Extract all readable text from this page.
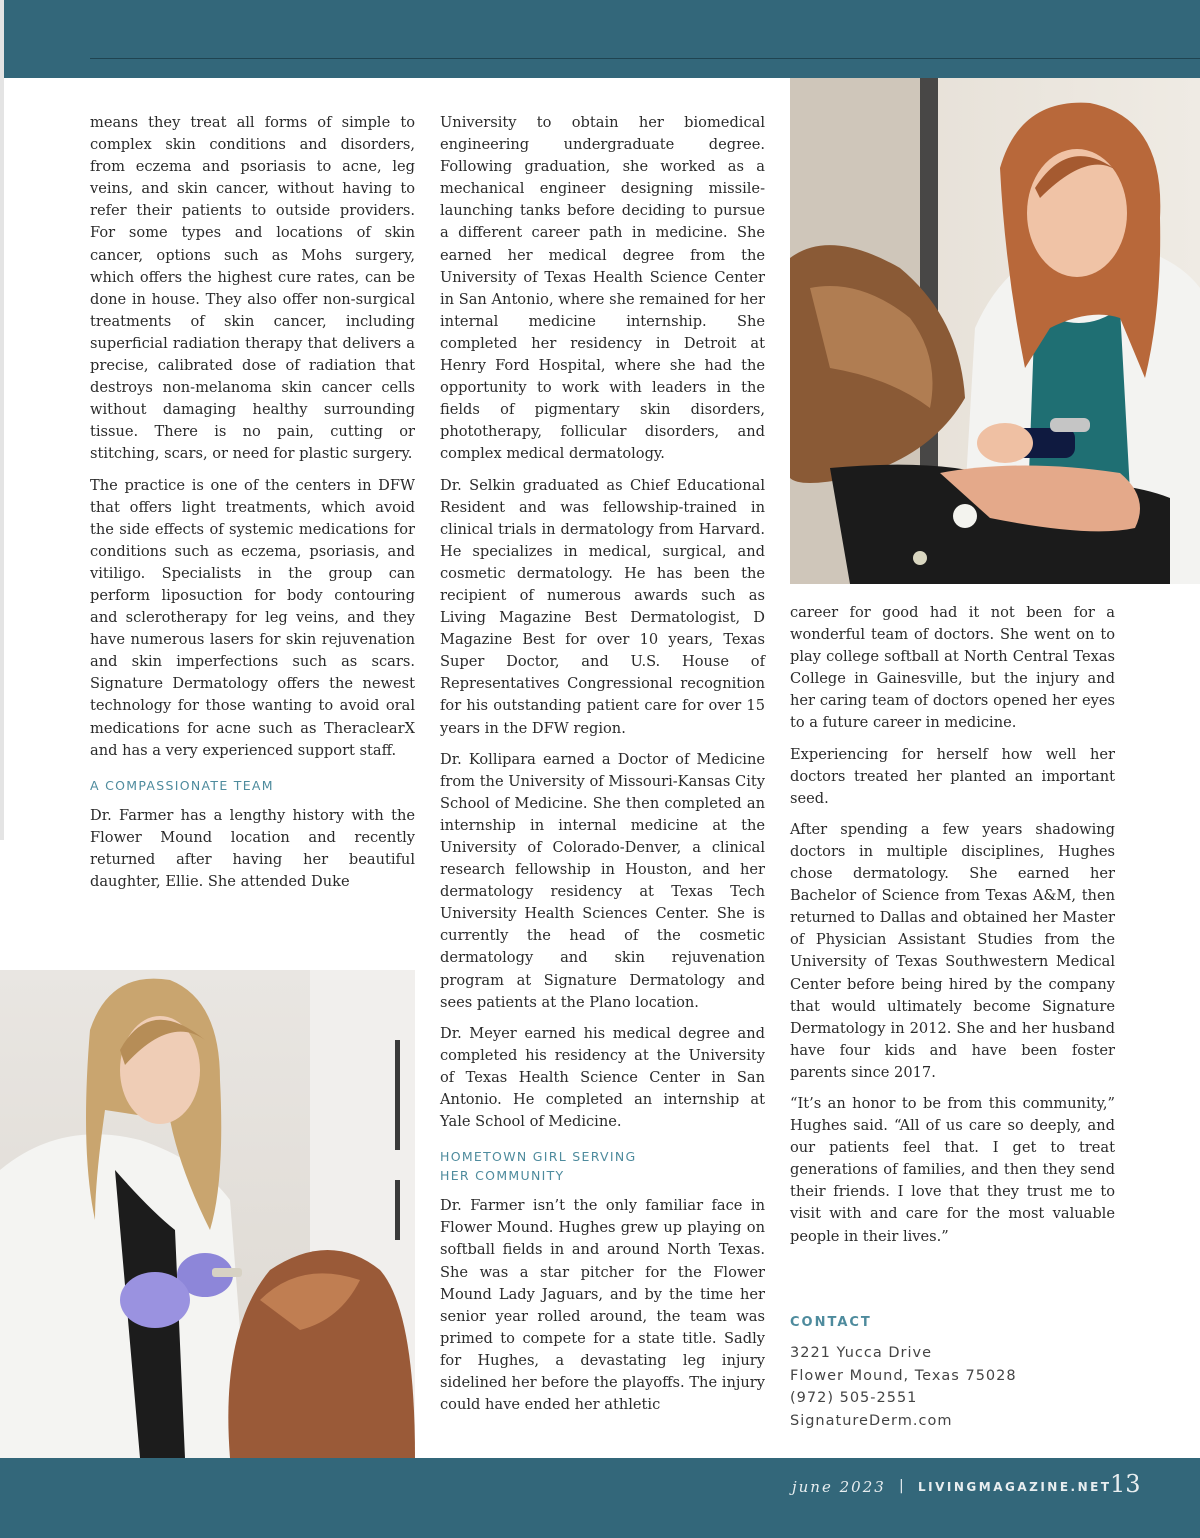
means they treat all forms of simple to complex skin conditions and disorders, from eczema and psoriasis to acne, leg veins, and skin cancer, without having to refer their patients to outside providers. For some types and locations of skin cancer, options such as Mohs surgery, which offers the highest cure rates, can be done in house. They also offer non-surgical treatments of skin cancer, including superficial radiation therapy that delivers a precise, calibrated dose of radiation that destroys non-melanoma skin cancer cells without damaging healthy surrounding tissue. There is no pain, cutting or stitching, scars, or need for plastic surgery.

The practice is one of the centers in DFW that offers light treatments, which avoid the side effects of systemic medications for conditions such as eczema, psoriasis, and vitiligo. Specialists in the group can perform liposuction for body contouring and sclerotherapy for leg veins, and they have numerous lasers for skin rejuvenation and skin imperfections such as scars. Signature Dermatology offers the newest technology for those wanting to avoid oral medications for acne such as TheraclearX and has a very experienced support staff.

A COMPASSIONATE TEAM

Dr. Farmer has a lengthy history with the Flower Mound location and recently returned after having her beautiful daughter, Ellie. She attended Duke

University to obtain her biomedical engineering undergraduate degree. Following graduation, she worked as a mechanical engineer designing missile-launching tanks before deciding to pursue a different career path in medicine. She earned her medical degree from the University of Texas Health Science Center in San Antonio, where she remained for her internal medicine internship. She completed her residency in Detroit at Henry Ford Hospital, where she had the opportunity to work with leaders in the fields of pigmentary skin disorders, phototherapy, follicular disorders, and complex medical dermatology.

Dr. Selkin graduated as Chief Educational Resident and was fellowship-trained in clinical trials in dermatology from Harvard. He specializes in medical, surgical, and cosmetic dermatology. He has been the recipient of numerous awards such as Living Magazine Best Dermatologist, D Magazine Best for over 10 years, Texas Super Doctor, and U.S. House of Representatives Congressional recognition for his outstanding patient care for over 15 years in the DFW region.

Dr. Kollipara earned a Doctor of Medicine from the University of Missouri-Kansas City School of Medicine. She then completed an internship in internal medicine at the University of Colorado-Denver, a clinical research fellowship in Houston, and her dermatology residency at Texas Tech University Health Sciences Center. She is currently the head of the cosmetic dermatology and skin rejuvenation program at Signature Dermatology and sees patients at the Plano location.

Dr. Meyer earned his medical degree and completed his residency at the University of Texas Health Science Center in San Antonio. He completed an internship at Yale School of Medicine.

HOMETOWN GIRL SERVING
HER COMMUNITY

Dr. Farmer isn’t the only familiar face in Flower Mound. Hughes grew up playing on softball fields in and around North Texas. She was a star pitcher for the Flower Mound Lady Jaguars, and by the time her senior year rolled around, the team was primed to compete for a state title. Sadly for Hughes, a devastating leg injury sidelined her before the playoffs. The injury could have ended her athletic

career for good had it not been for a wonderful team of doctors. She went on to play college softball at North Central Texas College in Gainesville, but the injury and her caring team of doctors opened her eyes to a future career in medicine.

Experiencing for herself how well her doctors treated her planted an important seed.

After spending a few years shadowing doctors in multiple disciplines, Hughes chose dermatology. She earned her Bachelor of Science from Texas A&M, then returned to Dallas and obtained her Master of Physician Assistant Studies from the University of Texas Southwestern Medical Center before being hired by the company that would ultimately become Signature Dermatology in 2012. She and her husband have four kids and have been foster parents since 2017.

“It’s an honor to be from this community,” Hughes said. “All of us care so deeply, and our patients feel that. I get to treat generations of families, and then they send their friends. I love that they trust me to visit with and care for the most valuable people in their lives.”

CONTACT
3221 Yucca Drive
Flower Mound, Texas 75028
(972) 505-2551
SignatureDerm.com
june 2023 | LIVINGMAGAZINE.NET
13
